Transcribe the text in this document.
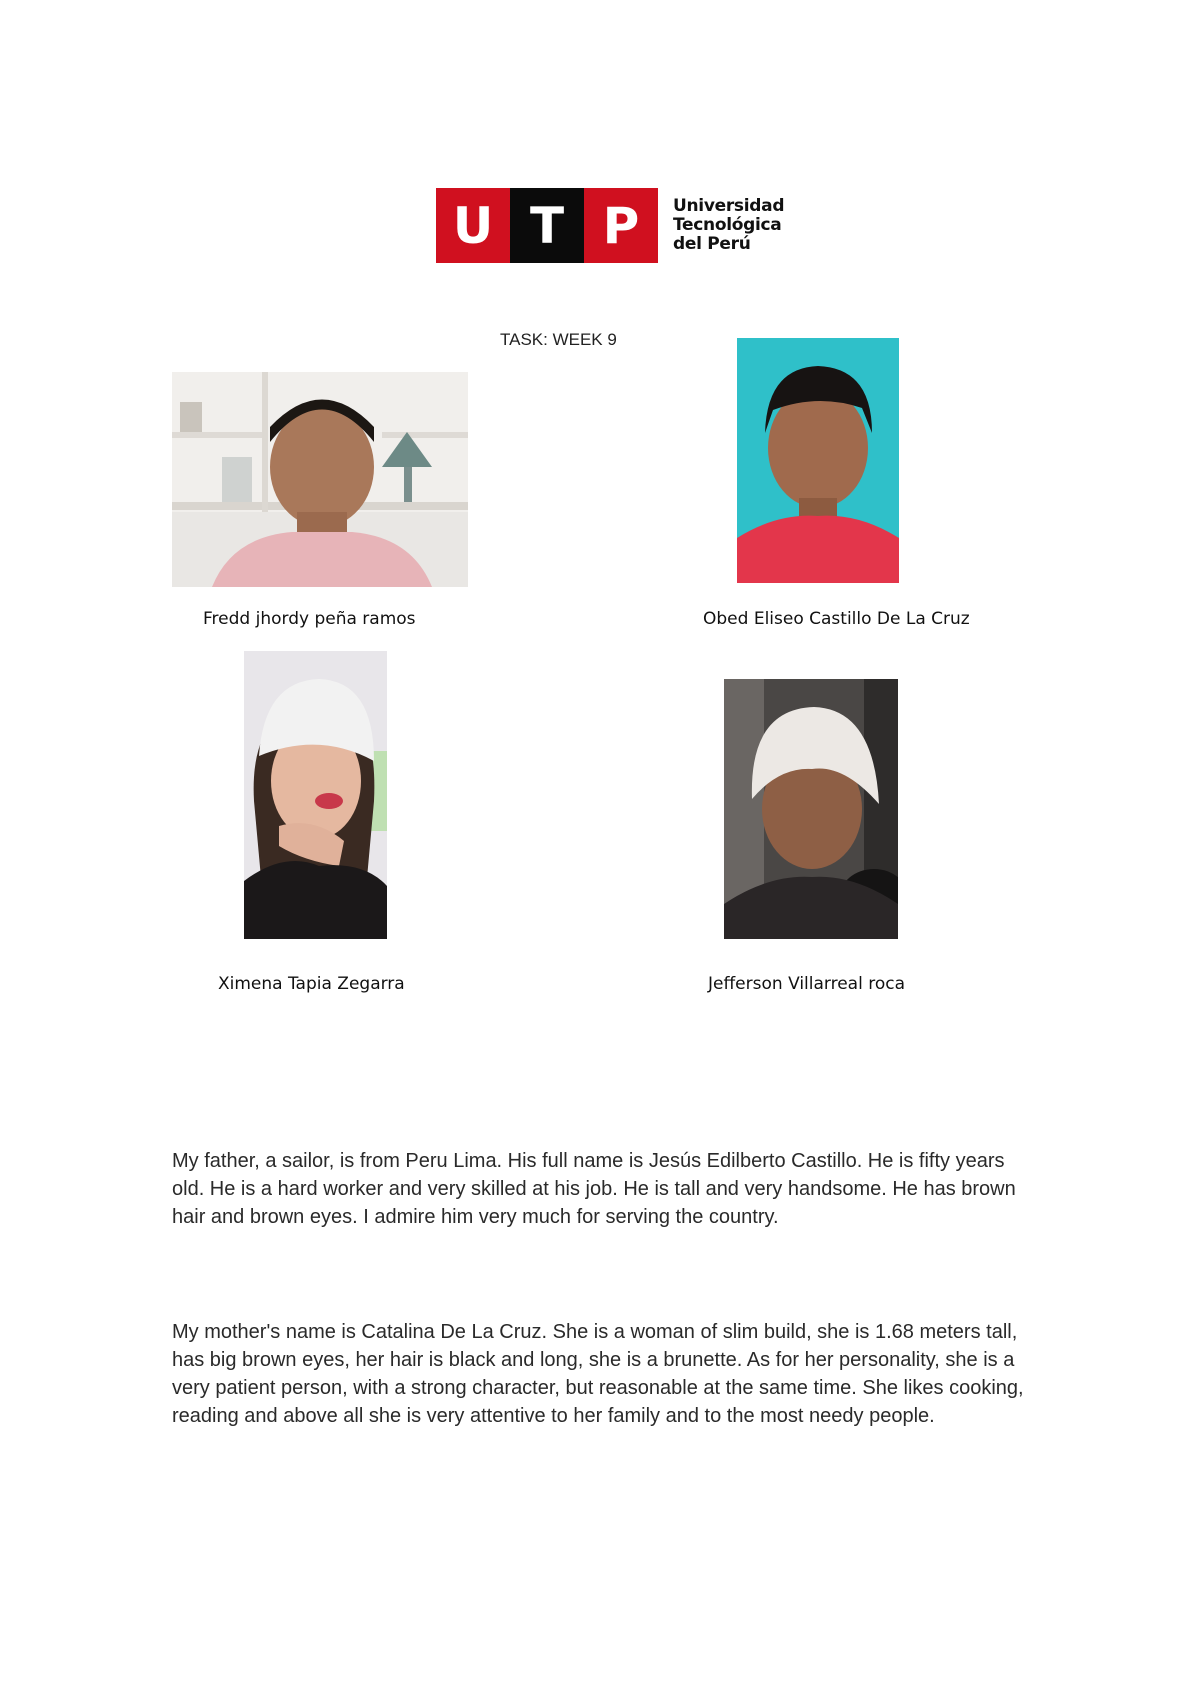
U T P	Universidad
Tecnológica
del Perú
TASK: WEEK 9
Fredd jhordy peña ramos	Obed Eliseo Castillo De La Cruz
Ximena Tapia Zegarra	Jefferson Villarreal roca

My father, a sailor, is from Peru Lima. His full name is Jesús Edilberto Castillo. He is fifty years old. He is a hard worker and very skilled at his job. He is tall and very handsome. He has brown hair and brown eyes. I admire him very much for serving the country.

My mother's name is Catalina De La Cruz. She is a woman of slim build, she is 1.68 meters tall, has big brown eyes, her hair is black and long, she is a brunette. As for her personality, she is a very patient person, with a strong character, but reasonable at the same time. She likes cooking, reading and above all she is very attentive to her family and to the most needy people.
